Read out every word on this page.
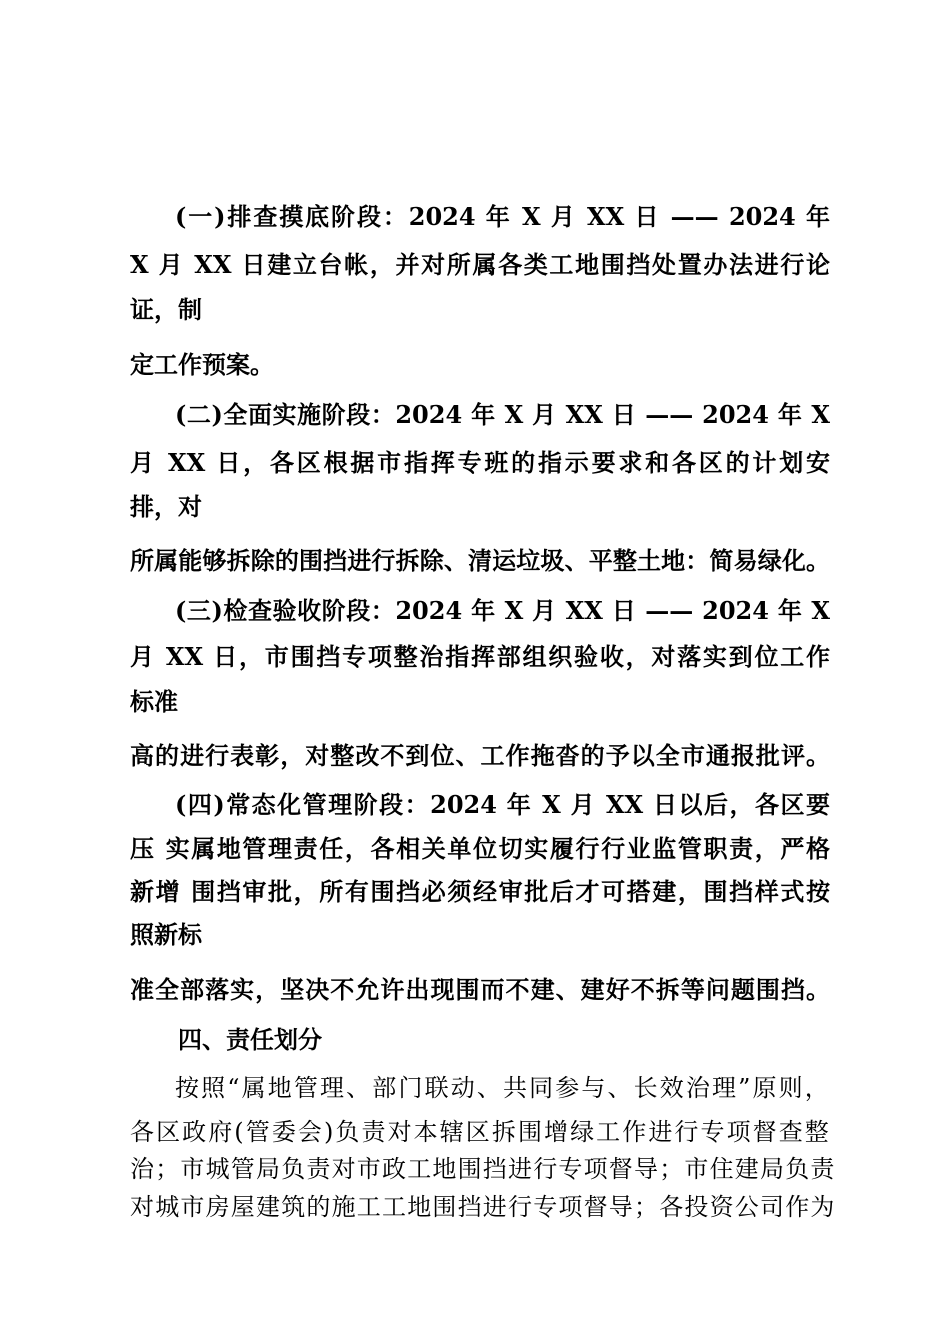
(一)排查摸底阶段：2024 年 X 月 XX 日 —— 2024 年
X 月 XX 日建立台帐，并对所属各类工地围挡处置办法进行论
证，制
定工作预案。
(二)全面实施阶段：2024 年 X 月 XX 日 —— 2024 年 X
月 XX 日，各区根据市指挥专班的指示要求和各区的计划安
排，对
所属能够拆除的围挡进行拆除、清运垃圾、平整土地：简易绿化。
(三)检查验收阶段：2024 年 X 月 XX 日 —— 2024 年 X
月 XX 日，市围挡专项整治指挥部组织验收，对落实到位工作
标准
高的进行表彰，对整改不到位、工作拖沓的予以全市通报批评。
(四)常态化管理阶段：2024 年 X 月 XX 日以后，各区要
压 实属地管理责任，各相关单位切实履行行业监管职责，严格
新增 围挡审批，所有围挡必须经审批后才可搭建，围挡样式按
照新标
准全部落实，坚决不允许出现围而不建、建好不拆等问题围挡。
四、责任划分
按照“属地管理、部门联动、共同参与、长效治理”原则，
各区政府(管委会)负责对本辖区拆围增绿工作进行专项督查整
治；市城管局负责对市政工地围挡进行专项督导；市住建局负责
对城市房屋建筑的施工工地围挡进行专项督导；各投资公司作为
